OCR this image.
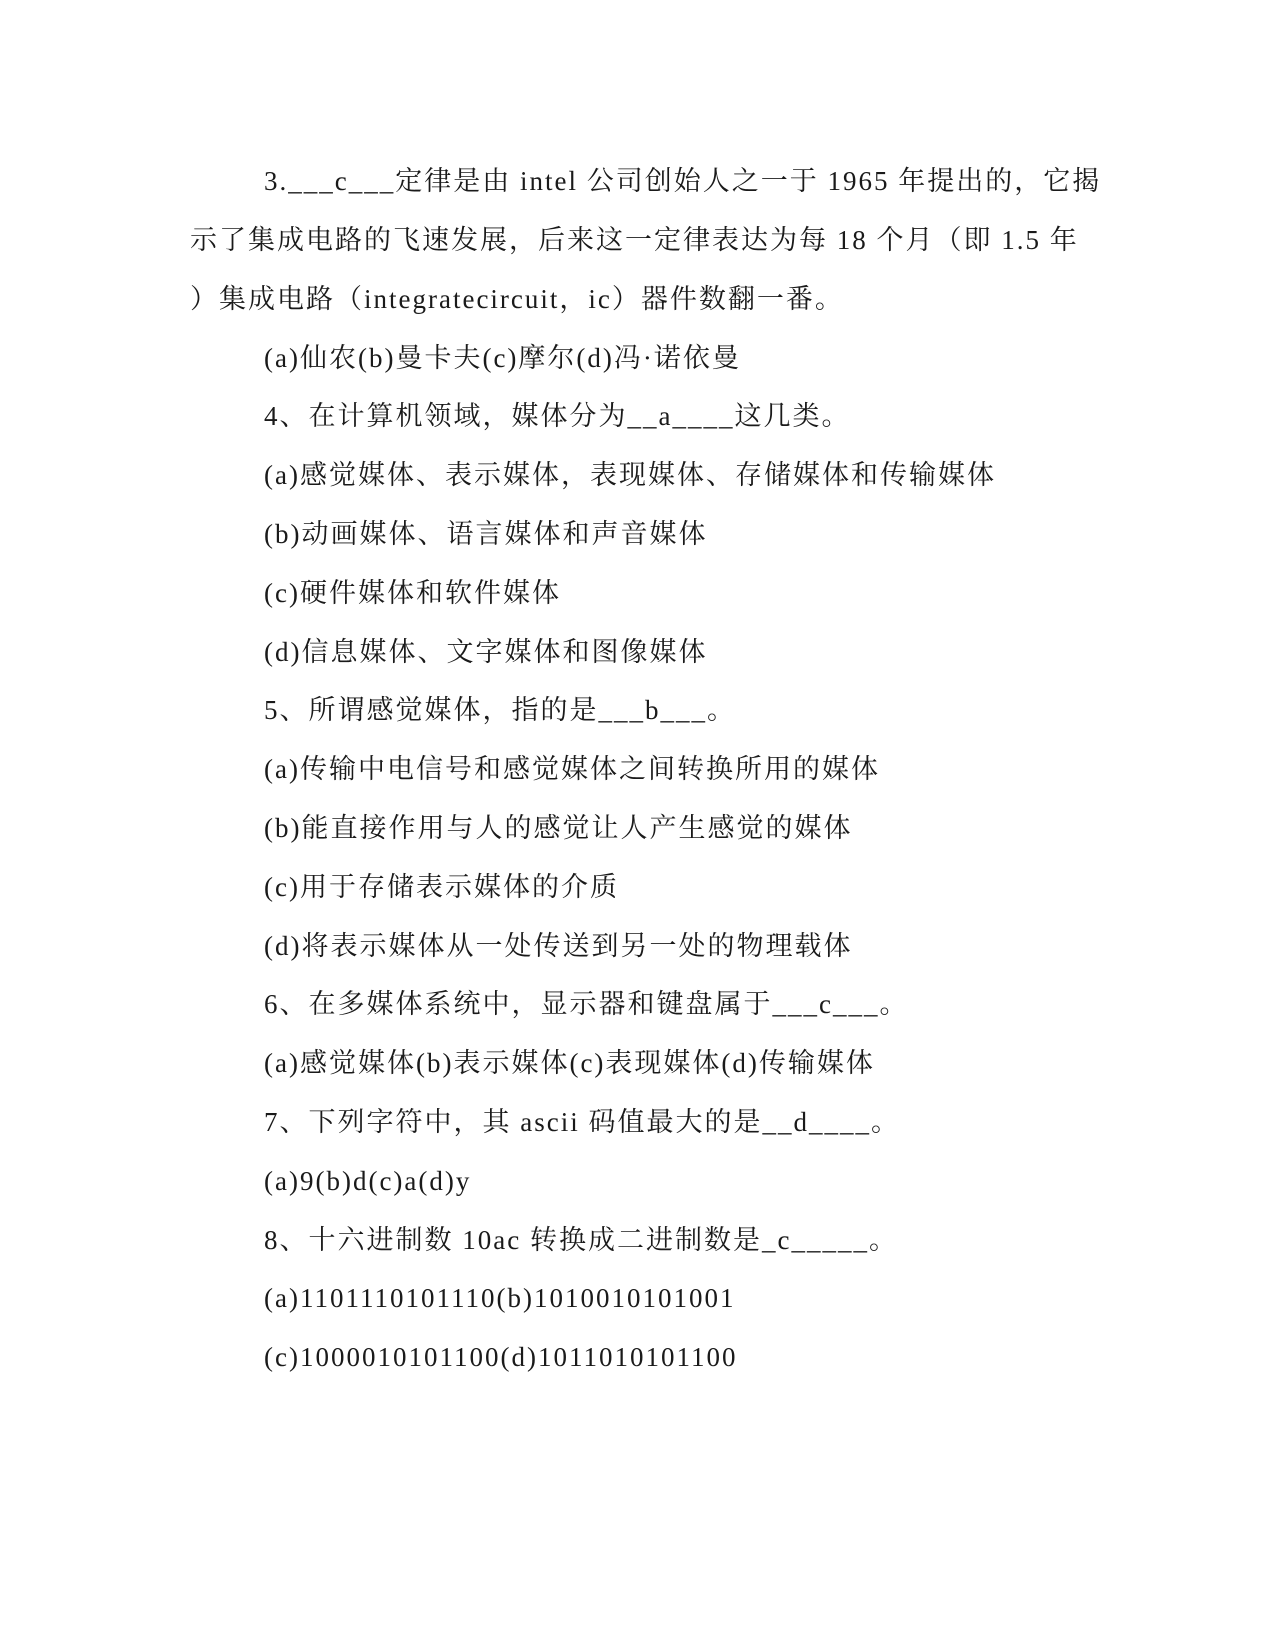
3.___c___定律是由 intel 公司创始人之一于 1965 年提出的，它揭
示了集成电路的飞速发展，后来这一定律表达为每 18 个月（即 1.5 年
）集成电路（integratecircuit，ic）器件数翻一番。
(a)仙农(b)曼卡夫(c)摩尔(d)冯·诺依曼
4、在计算机领域，媒体分为__a____这几类。
(a)感觉媒体、表示媒体，表现媒体、存储媒体和传输媒体
(b)动画媒体、语言媒体和声音媒体
(c)硬件媒体和软件媒体
(d)信息媒体、文字媒体和图像媒体
5、所谓感觉媒体，指的是___b___。
(a)传输中电信号和感觉媒体之间转换所用的媒体
(b)能直接作用与人的感觉让人产生感觉的媒体
(c)用于存储表示媒体的介质
(d)将表示媒体从一处传送到另一处的物理载体
6、在多媒体系统中，显示器和键盘属于___c___。
(a)感觉媒体(b)表示媒体(c)表现媒体(d)传输媒体
7、下列字符中，其 ascii 码值最大的是__d____。
(a)9(b)d(c)a(d)y
8、十六进制数 10ac 转换成二进制数是_c_____。
(a)1101110101110(b)1010010101001
(c)1000010101100(d)1011010101100
